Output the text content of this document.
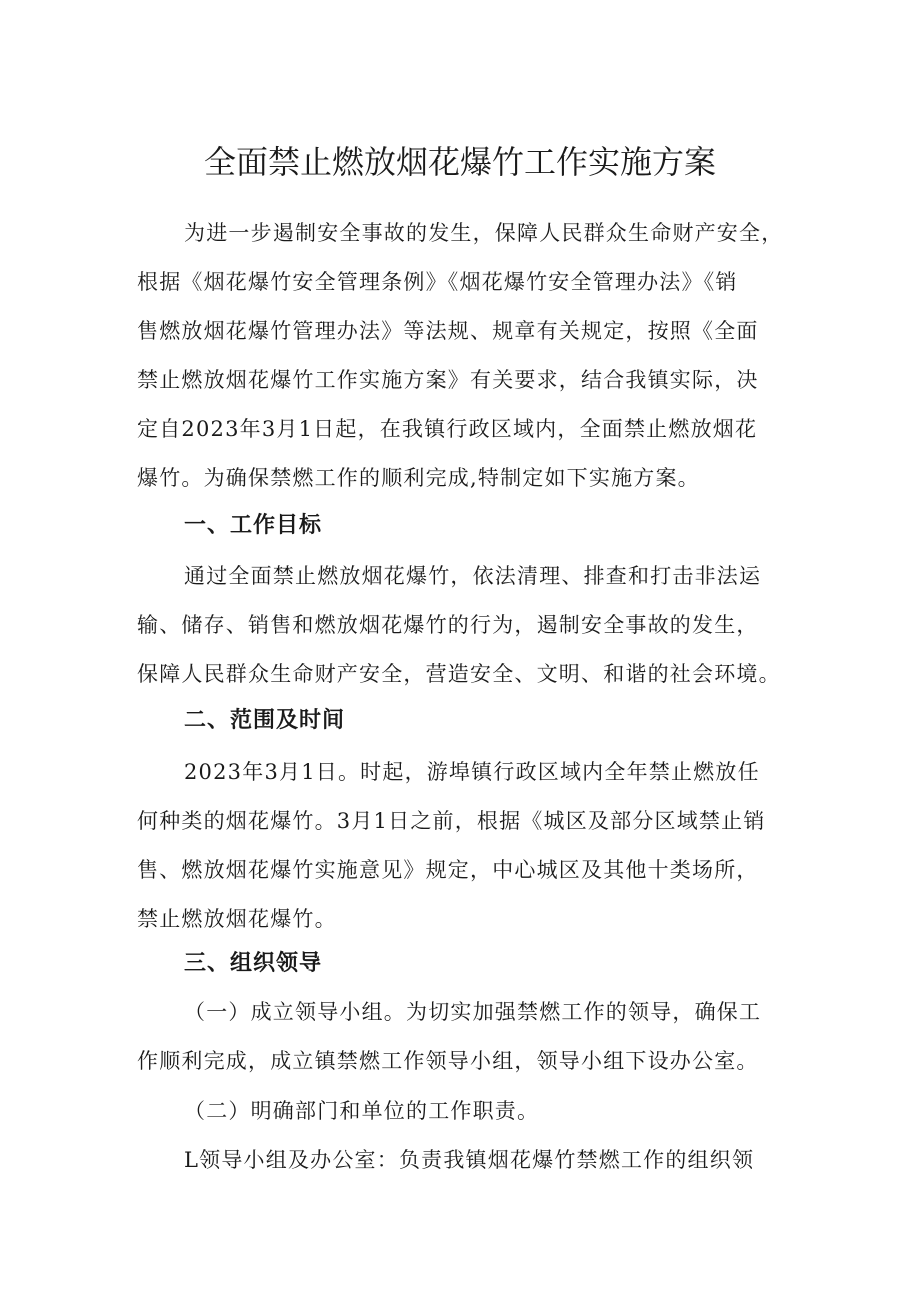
全面禁止燃放烟花爆竹工作实施方案
为进一步遏制安全事故的发生，保障人民群众生命财产安全，
根据《烟花爆竹安全管理条例》《烟花爆竹安全管理办法》《销
售燃放烟花爆竹管理办法》等法规、规章有关规定，按照《全面
禁止燃放烟花爆竹工作实施方案》有关要求，结合我镇实际，决
定自2023年3月1日起，在我镇行政区域内，全面禁止燃放烟花
爆竹。为确保禁燃工作的顺利完成,特制定如下实施方案。
一、工作目标
通过全面禁止燃放烟花爆竹，依法清理、排查和打击非法运
输、储存、销售和燃放烟花爆竹的行为，遏制安全事故的发生，
保障人民群众生命财产安全，营造安全、文明、和谐的社会环境。
二、范围及时间
2023年3月1日。时起，游埠镇行政区域内全年禁止燃放任
何种类的烟花爆竹。3月1日之前，根据《城区及部分区域禁止销
售、燃放烟花爆竹实施意见》规定，中心城区及其他十类场所，
禁止燃放烟花爆竹。
三、组织领导
（一）成立领导小组。为切实加强禁燃工作的领导，确保工
作顺利完成，成立镇禁燃工作领导小组，领导小组下设办公室。
（二）明确部门和单位的工作职责。
L领导小组及办公室：负责我镇烟花爆竹禁燃工作的组织领
